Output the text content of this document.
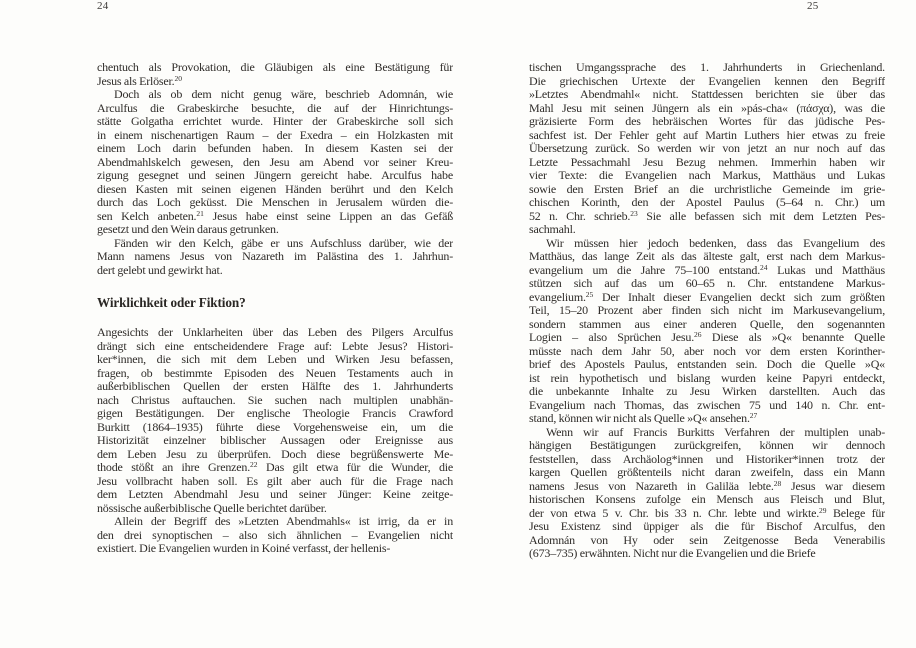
chentuch als Provokation, die Gläubigen als eine Bestätigung für
Jesus als Erlöser.$^{20}$
Doch als ob dem nicht genug wäre, beschrieb Adomnán, wie
Arculfus die Grabeskirche besuchte, die auf der Hinrichtungs-
stätte Golgatha errichtet wurde. Hinter der Grabeskirche soll sich
in einem nischenartigen Raum – der Exedra – ein Holzkasten mit
einem Loch darin befunden haben. In diesem Kasten sei der
Abendmahlskelch gewesen, den Jesu am Abend vor seiner Kreu-
zigung gesegnet und seinen Jüngern gereicht habe. Arculfus habe
diesen Kasten mit seinen eigenen Händen berührt und den Kelch
durch das Loch geküsst. Die Menschen in Jerusalem würden die-
sen Kelch anbeten.$^{21}$ Jesus habe einst seine Lippen an das Gefäß
gesetzt und den Wein daraus getrunken.
Fänden wir den Kelch, gäbe er uns Aufschluss darüber, wie der
Mann namens Jesus von Nazareth im Palästina des 1. Jahrhun-
dert gelebt und gewirkt hat.
Wirklichkeit oder Fiktion?
Angesichts der Unklarheiten über das Leben des Pilgers Arculfus
drängt sich eine entscheidendere Frage auf: Lebte Jesus? Histori-
ker*innen, die sich mit dem Leben und Wirken Jesu befassen,
fragen, ob bestimmte Episoden des Neuen Testaments auch in
außerbiblischen Quellen der ersten Hälfte des 1. Jahrhunderts
nach Christus auftauchen. Sie suchen nach multiplen unabhän-
gigen Bestätigungen. Der englische Theologie Francis Crawford
Burkitt (1864–1935) führte diese Vorgehensweise ein, um die
Historizität einzelner biblischer Aussagen oder Ereignisse aus
dem Leben Jesu zu überprüfen. Doch diese begrüßenswerte Me-
thode stößt an ihre Grenzen.$^{22}$ Das gilt etwa für die Wunder, die
Jesu vollbracht haben soll. Es gilt aber auch für die Frage nach
dem Letzten Abendmahl Jesu und seiner Jünger: Keine zeitge-
nössische außerbiblische Quelle berichtet darüber.
Allein der Begriff des »Letzten Abendmahls« ist irrig, da er in
den drei synoptischen – also sich ähnlichen – Evangelien nicht
existiert. Die Evangelien wurden in Koiné verfasst, der hellenis-
24
tischen Umgangssprache des 1. Jahrhunderts in Griechenland.
Die griechischen Urtexte der Evangelien kennen den Begriff
»Letztes Abendmahl« nicht. Stattdessen berichten sie über das
Mahl Jesu mit seinen Jüngern als ein »pás-cha« (πάσχα), was die
gräzisierte Form des hebräischen Wortes für das jüdische Pes-
sachfest ist. Der Fehler geht auf Martin Luthers hier etwas zu freie
Übersetzung zurück. So werden wir von jetzt an nur noch auf das
Letzte Pessachmahl Jesu Bezug nehmen. Immerhin haben wir
vier Texte: die Evangelien nach Markus, Matthäus und Lukas
sowie den Ersten Brief an die urchristliche Gemeinde im grie-
chischen Korinth, den der Apostel Paulus (5–64 n. Chr.) um
52 n. Chr. schrieb.$^{23}$ Sie alle befassen sich mit dem Letzten Pes-
sachmahl.
Wir müssen hier jedoch bedenken, dass das Evangelium des
Matthäus, das lange Zeit als das älteste galt, erst nach dem Markus-
evangelium um die Jahre 75–100 entstand.$^{24}$ Lukas und Matthäus
stützen sich auf das um 60–65 n. Chr. entstandene Markus-
evangelium.$^{25}$ Der Inhalt dieser Evangelien deckt sich zum größten
Teil, 15–20 Prozent aber finden sich nicht im Markusevangelium,
sondern stammen aus einer anderen Quelle, den sogenannten
Logien – also Sprüchen Jesu.$^{26}$ Diese als »Q« benannte Quelle
müsste nach dem Jahr 50, aber noch vor dem ersten Korinther-
brief des Apostels Paulus, entstanden sein. Doch die Quelle »Q«
ist rein hypothetisch und bislang wurden keine Papyri entdeckt,
die unbekannte Inhalte zu Jesu Wirken darstellten. Auch das
Evangelium nach Thomas, das zwischen 75 und 140 n. Chr. ent-
stand, können wir nicht als Quelle »Q« ansehen.$^{27}$
Wenn wir auf Francis Burkitts Verfahren der multiplen unab-
hängigen Bestätigungen zurückgreifen, können wir dennoch
feststellen, dass Archäolog*innen und Historiker*innen trotz der
kargen Quellen größtenteils nicht daran zweifeln, dass ein Mann
namens Jesus von Nazareth in Galiläa lebte.$^{28}$ Jesus war diesem
historischen Konsens zufolge ein Mensch aus Fleisch und Blut,
der von etwa 5 v. Chr. bis 33 n. Chr. lebte und wirkte.$^{29}$ Belege für
Jesu Existenz sind üppiger als die für Bischof Arculfus, den
Adomnán von Hy oder sein Zeitgenosse Beda Venerabilis
(673–735) erwähnten. Nicht nur die Evangelien und die Briefe
25
